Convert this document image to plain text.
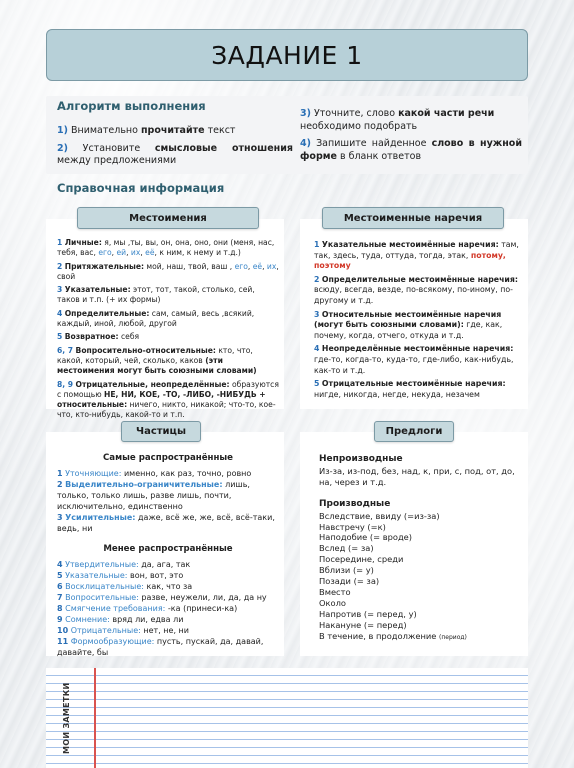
ЗАДАНИЕ 1
Алгоритм выполнения
1) Внимательно прочитайте текст
2) Установите смысловые отношения между предложениями
3) Уточните, слово какой части речи необходимо подобрать
4) Запишите найденное слово в нужной форме в бланк ответов
Справочная информация

1 Личные: я, мы ,ты, вы, он, она, оно, они (меня, нас, тебя, вас, его, ей, их, её, к ним, к нему и т.д.)

2 Притяжательные: мой, наш, твой, ваш , его, её, их, свой

3 Указательные: этот, тот, такой, столько, сей, таков и т.п. (+ их формы)

4 Определительные: сам, самый, весь ,всякий, каждый, иной, любой, другой

5 Возвратное: себя

6, 7 Вопросительно-относительные: кто, что, какой, который, чей, сколько, каков (эти местоимения могут быть союзными словами)

8, 9 Отрицательные, неопределённые: образуются с помощью НЕ, НИ, КОЕ, -ТО, -ЛИБО, -НИБУДЬ + относительные: ничего, никто, никакой; что-то, кое-что, кто-нибудь, какой-то и т.п.

Местоимения

1 Указательные местоимённые наречия: там, так, здесь, туда, оттуда, тогда, этак, потому, поэтому

2 Определительные местоимённые наречия: всюду, всегда, везде, по-всякому, по-иному, по-другому и т.д.

3 Относительные местоимённые наречия (могут быть союзными словами): где, как, почему, когда, отчего, откуда и т.д.

4 Неопределённые местоимённые наречия: где-то, когда-то, куда-то, где-либо, как-нибудь, как-то и т.д.

5 Отрицательные местоимённые наречия: нигде, никогда, негде, некуда, незачем

Местоименные наречия
Самые распространённые
1 Уточняющие: именно, как раз, точно, ровно
2 Выделительно-ограничительные: лишь, только, только лишь, разве лишь, почти, исключительно, единственно
3 Усилительные: даже, всё же, же, всё, всё-таки, ведь, ни
Менее распространённые
4 Утвердительные: да, ага, так
5 Указательные: вон, вот, это
6 Восклицательные: как, что за
7 Вопросительные: разве, неужели, ли, да, да ну
8 Смягчение требования: -ка (принеси-ка)
9 Сомнение: вряд ли, едва ли
10 Отрицательные: нет, не, ни
11 Формообразующие: пусть, пускай, да, давай, давайте, бы
Частицы
Непроизводные
Из-за, из-под, без, над, к, при, с, под, от, до, на, через и т.д.
Производные
Вследствие, ввиду (=из-за)
Навстречу (=к)
Наподобие (= вроде)
Вслед (= за)
Посередине, среди
Вблизи (= у)
Позади (= за)
Вместо
Около
Напротив (= перед, у)
Накануне (= перед)
В течение, в продолжение (период)
Предлоги
МОИ ЗАМЕТКИ
